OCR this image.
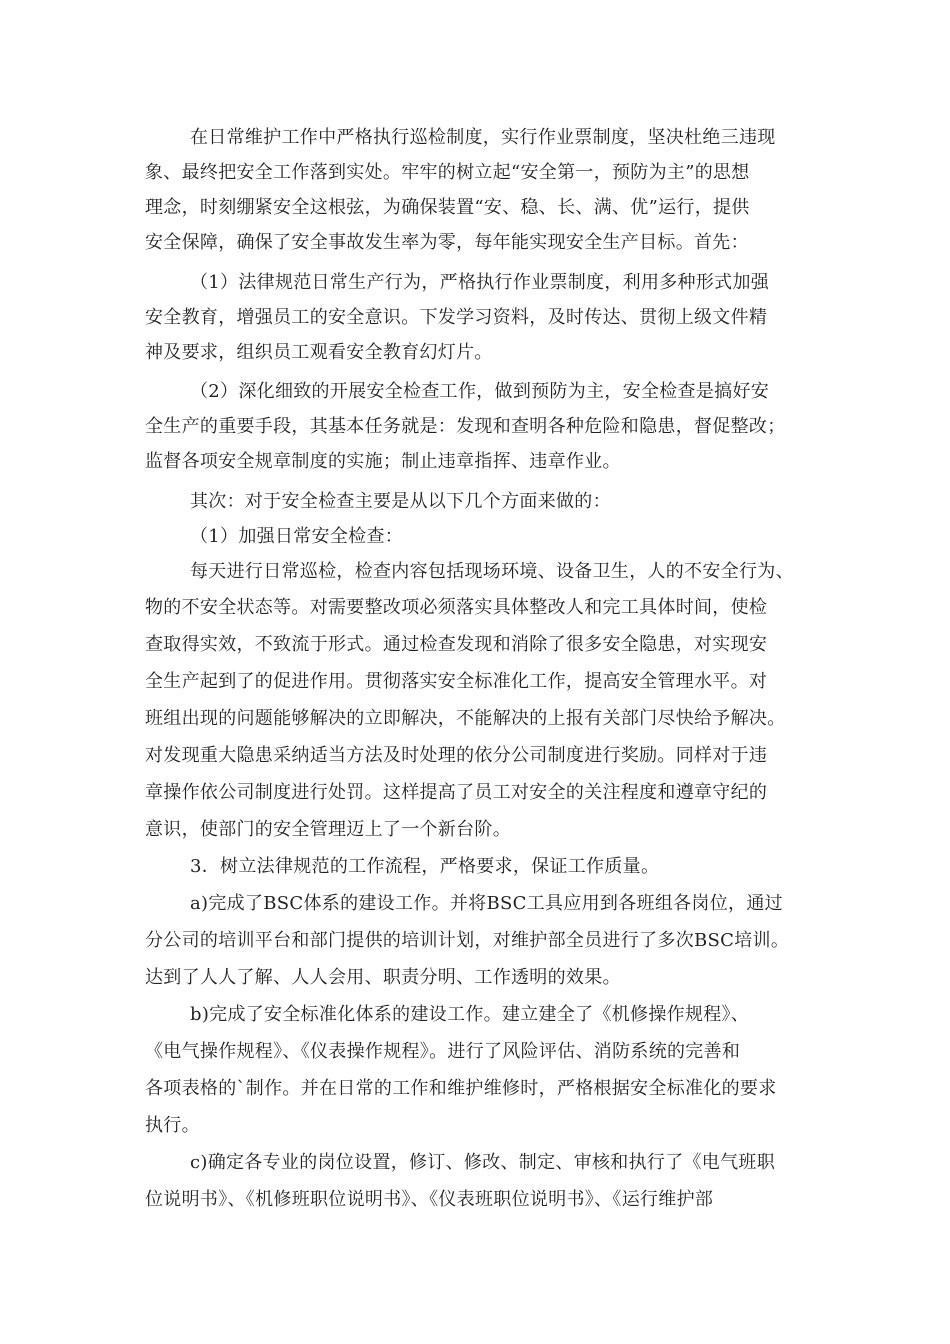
在日常维护工作中严格执行巡检制度，实行作业票制度，坚决杜绝三违现
象、最终把安全工作落到实处。牢牢的树立起“安全第一，预防为主”的思想
理念，时刻绷紧安全这根弦，为确保装置“安、稳、长、满、优”运行，提供
安全保障，确保了安全事故发生率为零，每年能实现安全生产目标。首先：
（1）法律规范日常生产行为，严格执行作业票制度，利用多种形式加强
安全教育，增强员工的安全意识。下发学习资料，及时传达、贯彻上级文件精
神及要求，组织员工观看安全教育幻灯片。
（2）深化细致的开展安全检查工作，做到预防为主，安全检查是搞好安
全生产的重要手段，其基本任务就是：发现和查明各种危险和隐患，督促整改；
监督各项安全规章制度的实施；制止违章指挥、违章作业。
其次：对于安全检查主要是从以下几个方面来做的：
（1）加强日常安全检查：
每天进行日常巡检，检查内容包括现场环境、设备卫生，人的不安全行为、
物的不安全状态等。对需要整改项必须落实具体整改人和完工具体时间，使检
查取得实效，不致流于形式。通过检查发现和消除了很多安全隐患，对实现安
全生产起到了的促进作用。贯彻落实安全标准化工作，提高安全管理水平。对
班组出现的问题能够解决的立即解决，不能解决的上报有关部门尽快给予解决。
对发现重大隐患采纳适当方法及时处理的依分公司制度进行奖励。同样对于违
章操作依公司制度进行处罚。这样提高了员工对安全的关注程度和遵章守纪的
意识，使部门的安全管理迈上了一个新台阶。
3．树立法律规范的工作流程，严格要求，保证工作质量。
a)完成了BSC体系的建设工作。并将BSC工具应用到各班组各岗位，通过
分公司的培训平台和部门提供的培训计划，对维护部全员进行了多次BSC培训。
达到了人人了解、人人会用、职责分明、工作透明的效果。
b)完成了安全标准化体系的建设工作。建立建全了《机修操作规程》、
《电气操作规程》、《仪表操作规程》。进行了风险评估、消防系统的完善和
各项表格的`制作。并在日常的工作和维护维修时，严格根据安全标准化的要求
执行。
c)确定各专业的岗位设置，修订、修改、制定、审核和执行了《电气班职
位说明书》、《机修班职位说明书》、《仪表班职位说明书》、《运行维护部
